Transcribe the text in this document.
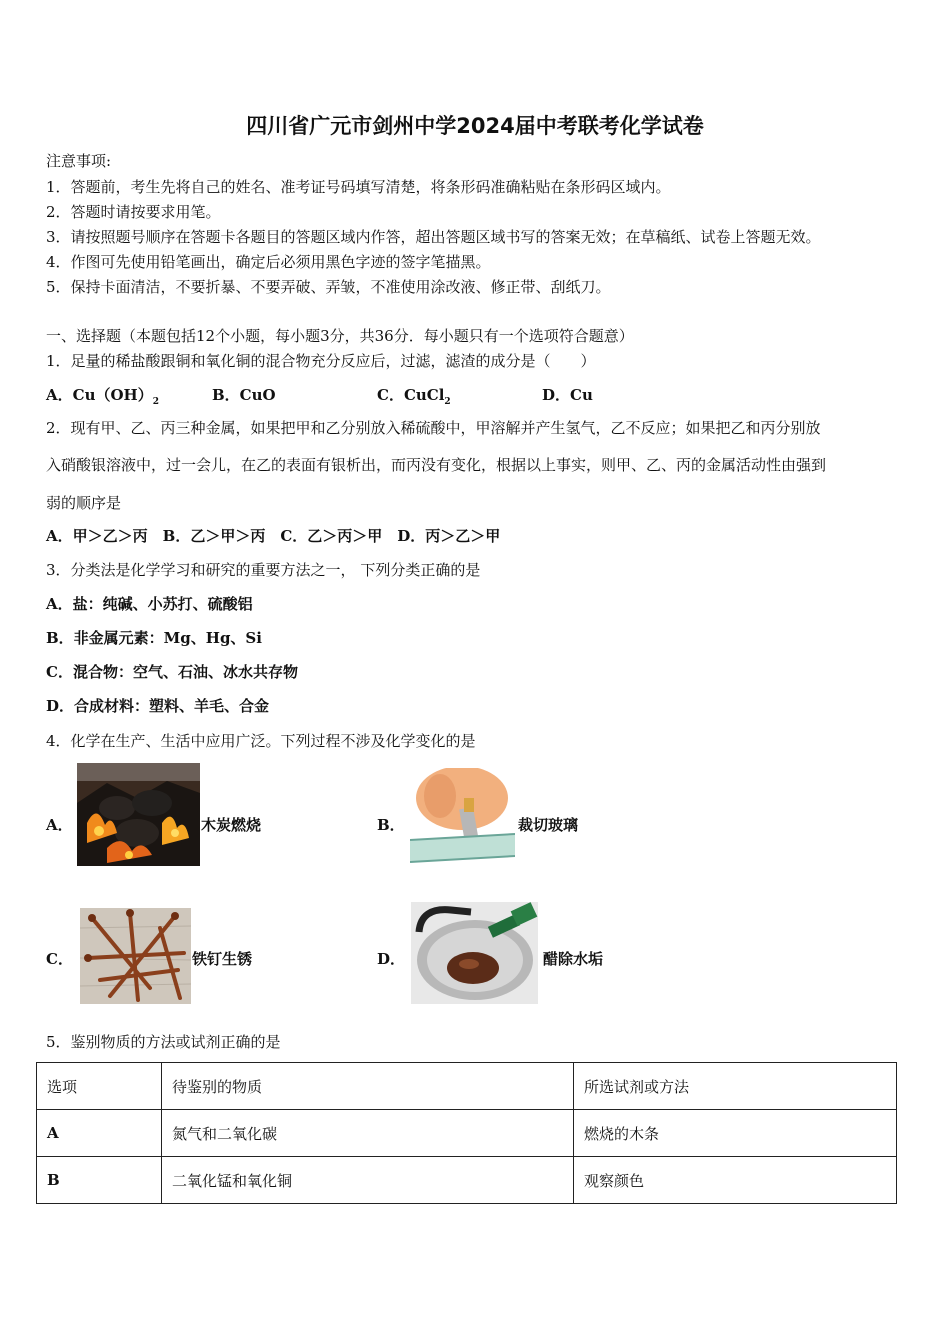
四川省广元市剑州中学2024届中考联考化学试卷
注意事项:
1．答题前，考生先将自己的姓名、准考证号码填写清楚，将条形码准确粘贴在条形码区域内。
2．答题时请按要求用笔。
3．请按照题号顺序在答题卡各题目的答题区域内作答，超出答题区域书写的答案无效；在草稿纸、试卷上答题无效。
4．作图可先使用铅笔画出，确定后必须用黑色字迹的签字笔描黑。
5．保持卡面清洁，不要折暴、不要弄破、弄皱，不准使用涂改液、修正带、刮纸刀。
一、选择题（本题包括12个小题，每小题3分，共36分．每小题只有一个选项符合题意）
1．足量的稀盐酸跟铜和氧化铜的混合物充分反应后，过滤，滤渣的成分是（　　）
A．$Cu(OH)_2$	B．CuO	C．CuCl$_2$	D．Cu
2．现有甲、乙、丙三种金属，如果把甲和乙分别放入稀硫酸中，甲溶解并产生氢气，乙不反应；如果把乙和丙分别放
入硝酸银溶液中，过一会儿，在乙的表面有银析出，而丙没有变化，根据以上事实，则甲、乙、丙的金属活动性由强到
弱的顺序是
A．甲＞乙＞丙　B．乙＞甲＞丙　C．乙＞丙＞甲　D．丙＞乙＞甲
3．分类法是化学学习和研究的重要方法之一， 下列分类正确的是
A．盐：纯碱、小苏打、硫酸铝
B．非金属元素：Mg、Hg、Si
C．混合物：空气、石油、冰水共存物
D．合成材料：塑料、羊毛、合金
4．化学在生产、生活中应用广泛。下列过程不涉及化学变化的是
A．	木炭燃烧	B．	裁切玻璃
C．	铁钉生锈	D．	醋除水垢
5．鉴别物质的方法或试剂正确的是
选项	待鉴别的物质	所选试剂或方法
A	氮气和二氧化碳	燃烧的木条
B	二氧化锰和氧化铜	观察颜色
